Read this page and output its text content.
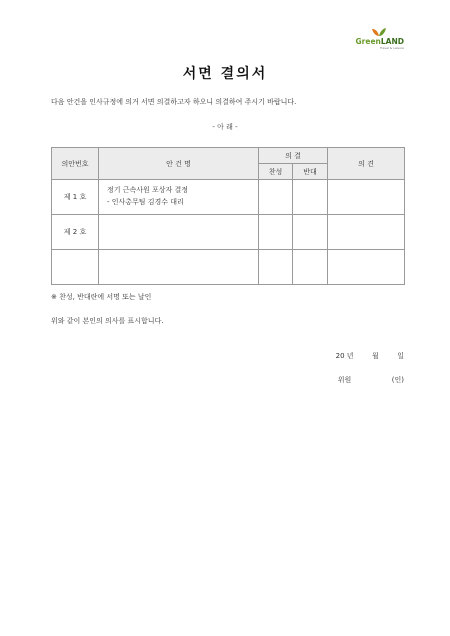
GreenLAND
Travel & Leisure
서면 결의서
다음 안건을 인사규정에 의거 서면 의결하고자 하오니 의결하여 주시기 바랍니다.
- 아 래 -
의안번호	안 건 명	의 결		의 견
		찬성	반대	
제 1 호	정기 근속사원 포상자 결정
- 인사총무팀 김경수 대리			

제 2 호	

※ 찬성, 반대란에 서명 또는 날인
위와 같이 본인의 의사를 표시합니다.
20 년	월	일
위원	(인)
